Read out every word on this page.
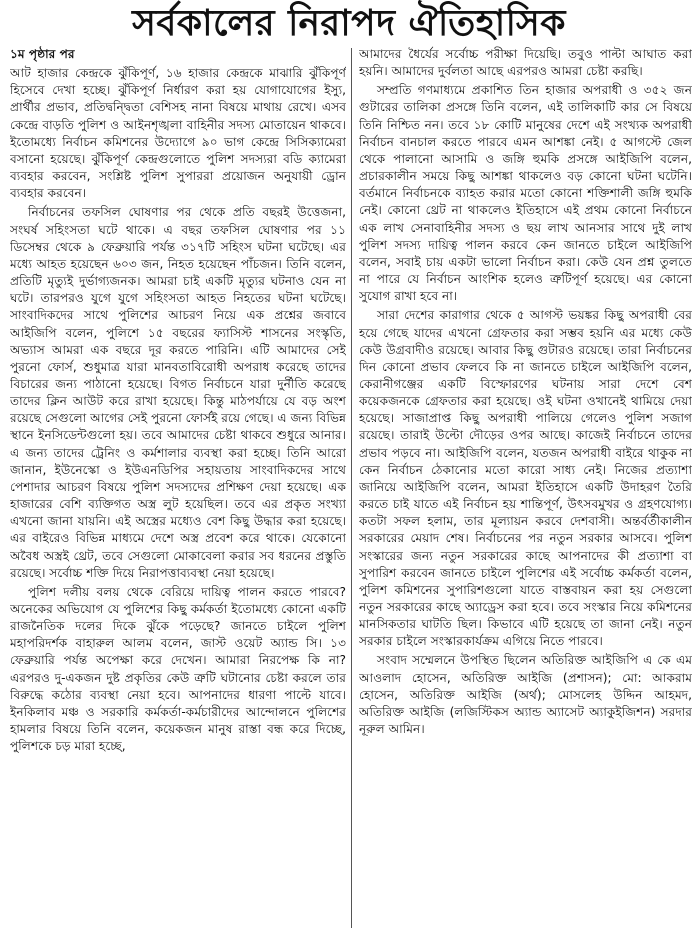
সর্বকালের নিরাপদ ঐতিহাসিক

১ম পৃষ্ঠার পর

আট হাজার কেন্দ্রকে ঝুঁকিপূর্ণ, ১৬ হাজার কেন্দ্রকে মাঝারি ঝুঁকিপূর্ণ হিসেবে দেখা হচ্ছে। ঝুঁকিপূর্ণ নির্ধারণ করা হয় যোগাযোগের ইস্যু, প্রার্থীর প্রভাব, প্রতিদ্বন্দ্বিতা বেশিসহ নানা বিষয়ে মাথায় রেখে। এসব কেন্দ্রে বাড়তি পুলিশ ও আইনশৃঙ্খলা বাহিনীর সদস্য মোতায়েন থাকবে। ইতোমধ্যে নির্বাচন কমিশনের উদ্যোগে ৯০ ভাগ কেন্দ্রে সিসিক্যামেরা বসানো হয়েছে। ঝুঁকিপূর্ণ কেন্দ্রগুলোতে পুলিশ সদস্যরা বডি ক্যামেরা ব্যবহার করবেন, সংশ্লিষ্ট পুলিশ সুপাররা প্রয়োজন অনুযায়ী ড্রোন ব্যবহার করবেন।

নির্বাচনের তফসিল ঘোষণার পর থেকে প্রতি বছরই উত্তেজনা, সংঘর্ষ সহিংসতা ঘটে থাকে। এ বছর তফসিল ঘোষণার পর ১১ ডিসেম্বর থেকে ৯ ফেব্রুয়ারি পর্যন্ত ৩১৭টি সহিংস ঘটনা ঘটেছে। এর মধ্যে আহত হয়েছেন ৬০৩ জন, নিহত হয়েছেন পাঁচজন। তিনি বলেন, প্রতিটি মৃত্যুই দুর্ভাগ্যজনক। আমরা চাই একটি মৃত্যুর ঘটনাও যেন না ঘটে। তারপরও যুগে যুগে সহিংসতা আহত নিহতের ঘটনা ঘটেছে। সাংবাদিকদের সাথে পুলিশের আচরণ নিয়ে এক প্রশ্নের জবাবে আইজিপি বলেন, পুলিশে ১৫ বছরের ফ্যাসিস্ট শাসনের সংস্কৃতি, অভ্যাস আমরা এক বছরে দূর করতে পারিনি। এটি আমাদের সেই পুরনো ফোর্স, শুধুমাত্র যারা মানবতাবিরোধী অপরাধ করেছে তাদের বিচারের জন্য পাঠানো হয়েছে। বিগত নির্বাচনে যারা দুর্নীতি করেছে তাদের ক্লিন আউট করে রাখা হয়েছে। কিন্তু মাঠপর্যায়ে যে বড় অংশ রয়েছে সেগুলো আগের সেই পুরনো ফোর্সই রয়ে গেছে। এ জন্য বিভিন্ন স্থানে ইনসিডেন্টগুলো হয়। তবে আমাদের চেষ্টা থাকবে শুধুরে আনার। এ জন্য তাদের ট্রেনিং ও কর্মশালার ব্যবস্থা করা হচ্ছে। তিনি আরো জানান, ইউনেস্কো ও ইউএনডিপির সহায়তায় সাংবাদিকদের সাথে পেশাদার আচরণ বিষয়ে পুলিশ সদস্যদের প্রশিক্ষণ দেয়া হয়েছে। এক হাজারের বেশি ব্যক্তিগত অস্ত্র লুট হয়েছিল। তবে এর প্রকৃত সংখ্যা এখনো জানা যায়নি। এই অস্ত্রের মধ্যেও বেশ কিছু উদ্ধার করা হয়েছে। এর বাইরেও বিভিন্ন মাধ্যমে দেশে অস্ত্র প্রবেশ করে থাকে। যেকোনো অবৈধ অস্ত্রই থ্রেট, তবে সেগুলো মোকাবেলা করার সব ধরনের প্রস্তুতি রয়েছে। সর্বোচ্চ শক্তি দিয়ে নিরাপত্তাব্যবস্থা নেয়া হয়েছে।

পুলিশ দলীয় বলয় থেকে বেরিয়ে দায়িত্ব পালন করতে পারবে? অনেকের অভিযোগ যে পুলিশের কিছু কর্মকর্তা ইতোমধ্যে কোনো একটি রাজনৈতিক দলের দিকে ঝুঁকে পড়েছে? জানতে চাইলে পুলিশ মহাপরিদর্শক বাহারুল আলম বলেন, জাস্ট ওয়েট অ্যান্ড সি। ১৩ ফেব্রুয়ারি পর্যন্ত অপেক্ষা করে দেখেন। আমারা নিরপেক্ষ কি না? এরপরও দু-একজন দুষ্ট প্রকৃতির কেউ ত্রুটি ঘটানোর চেষ্টা করলে তার বিরুদ্ধে কঠোর ব্যবস্থা নেয়া হবে। আপনাদের ধারণা পাল্টে যাবে। ইনকিলাব মঞ্চ ও সরকারি কর্মকর্তা-কর্মচারীদের আন্দোলনে পুলিশের হামলার বিষয়ে তিনি বলেন, কয়েকজন মানুষ রাস্তা বন্ধ করে দিচ্ছে, পুলিশকে চড় মারা হচ্ছে,

আমাদের ধৈর্যের সর্বোচ্চ পরীক্ষা দিয়েছি। তবুও পাল্টা আঘাত করা হয়নি। আমাদের দুর্বলতা আছে এরপরও আমরা চেষ্টা করছি।

সম্প্রতি গণমাধ্যমে প্রকাশিত তিন হাজার অপরাধী ও ৩৫২ জন গুটারের তালিকা প্রসঙ্গে তিনি বলেন, এই তালিকাটি কার সে বিষয়ে তিনি নিশ্চিত নন। তবে ১৮ কোটি মানুষের দেশে এই সংখ্যক অপরাধী নির্বাচন বানচাল করতে পারবে এমন আশঙ্কা নেই। ৫ আগস্টে জেল থেকে পালানো আসামি ও জঙ্গি হুমকি প্রসঙ্গে আইজিপি বলেন, প্রচারকালীন সময়ে কিছু আশঙ্কা থাকলেও বড় কোনো ঘটনা ঘটেনি। বর্তমানে নির্বাচনকে ব্যাহত করার মতো কোনো শক্তিশালী জঙ্গি হুমকি নেই। কোনো থ্রেট না থাকলেও ইতিহাসে এই প্রথম কোনো নির্বাচনে এক লাখ সেনাবাহিনীর সদস্য ও ছয় লাখ আনসার সাথে দুই লাখ পুলিশ সদস্য দায়িত্ব পালন করবে কেন জানতে চাইলে আইজিপি বলেন, সবাই চায় একটা ভালো নির্বাচন করা। কেউ যেন প্রশ্ন তুলতে না পারে যে নির্বাচন আংশিক হলেও ত্রুটিপূর্ণ হয়েছে। এর কোনো সুযোগ রাখা হবে না।

সারা দেশের কারাগার থেকে ৫ আগস্ট ভয়ঙ্কর কিছু অপরাধী বের হয়ে গেছে যাদের এখনো গ্রেফতার করা সম্ভব হয়নি এর মধ্যে কেউ কেউ উগ্রবাদীও রয়েছে। আবার কিছু গুটারও রয়েছে। তারা নির্বাচনের দিন কোনো প্রভাব ফেলবে কি না জানতে চাইলে আইজিপি বলেন, কেরানীগঞ্জের একটি বিস্ফোরণের ঘটনায় সারা দেশে বেশ কয়েকজনকে গ্রেফতার করা হয়েছে। ওই ঘটনা ওখানেই থামিয়ে দেয়া হয়েছে। সাজাপ্রাপ্ত কিছু অপরাধী পালিয়ে গেলেও পুলিশ সজাগ রয়েছে। তারাই উল্টো দৌড়ের ওপর আছে। কাজেই নির্বাচনে তাদের প্রভাব পড়বে না। আইজিপি বলেন, যতজন অপরাধী বাইরে থাকুক না কেন নির্বাচন ঠেকানোর মতো কারো সাধ্য নেই। নিজের প্রত্যাশা জানিয়ে আইজিপি বলেন, আমরা ইতিহাসে একটি উদাহরণ তৈরি করতে চাই যাতে এই নির্বাচন হয় শান্তিপূর্ণ, উৎসবমুখর ও গ্রহণযোগ্য। কতটা সফল হলাম, তার মূল্যায়ন করবে দেশবাসী। অন্তর্বর্তীকালীন সরকারের মেয়াদ শেষ। নির্বাচনের পর নতুন সরকার আসবে। পুলিশ সংস্কারের জন্য নতুন সরকারের কাছে আপনাদের কী প্রত্যাশা বা সুপারিশ করবেন জানতে চাইলে পুলিশের এই সর্বোচ্চ কর্মকর্তা বলেন, পুলিশ কমিশনের সুপারিশগুলো যাতে বাস্তবায়ন করা হয় সেগুলো নতুন সরকারের কাছে অ্যাড্রেস করা হবে। তবে সংস্কার নিয়ে কমিশনের মানসিকতার ঘাটতি ছিল। কিভাবে এটি হয়েছে তা জানা নেই। নতুন সরকার চাইলে সংস্কারকার্যক্রম এগিয়ে নিতে পারবে।

সংবাদ সম্মেলনে উপস্থিত ছিলেন অতিরিক্ত আইজিপি এ কে এম আওলাদ হোসেন, অতিরিক্ত আইজি (প্রশাসন); মো: আকরাম হোসেন, অতিরিক্ত আইজি (অর্থ); মোসলেহ উদ্দিন আহমদ, অতিরিক্ত আইজি (লজিস্টিকস অ্যান্ড অ্যাসেট অ্যাকুইজিশন) সরদার নূরুল আমিন।
